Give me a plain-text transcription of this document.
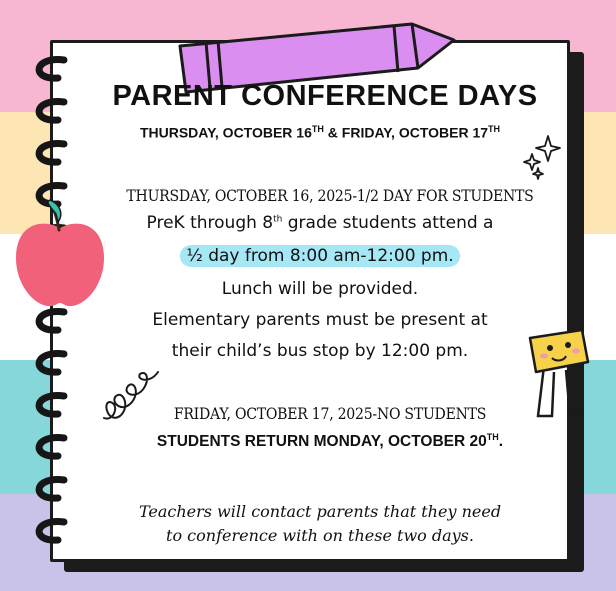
PARENT CONFERENCE DAYS
THURSDAY, OCTOBER 16TH & FRIDAY, OCTOBER 17TH
THURSDAY, OCTOBER 16, 2025-1/2 DAY FOR STUDENTS
PreK through 8th grade students attend a
½ day from 8:00 am-12:00 pm.
Lunch will be provided.
Elementary parents must be present at
their child’s bus stop by 12:00 pm.
FRIDAY, OCTOBER 17, 2025-NO STUDENTS
STUDENTS RETURN MONDAY, OCTOBER 20TH.
Teachers will contact parents that they need
to conference with on these two days.
